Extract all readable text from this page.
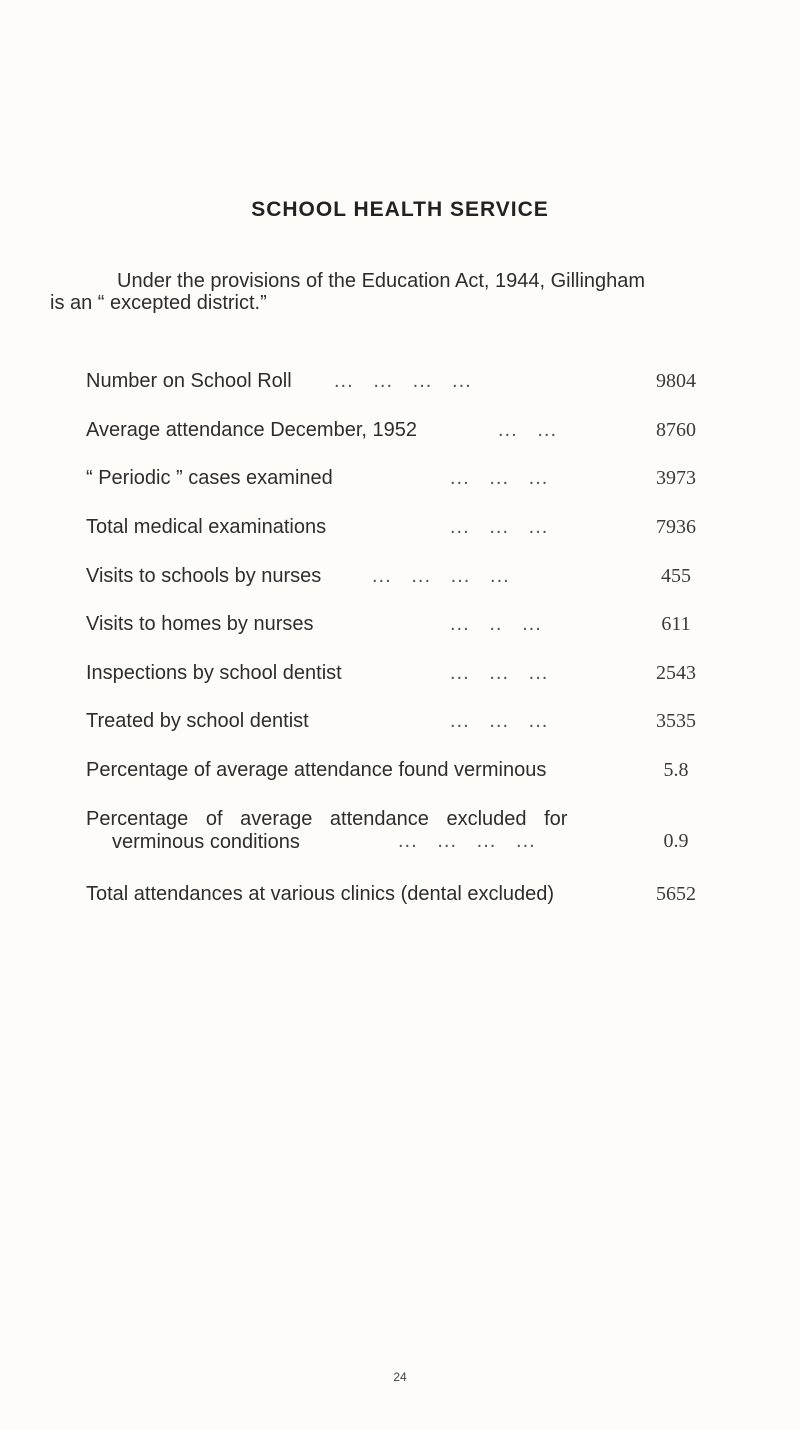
SCHOOL HEALTH SERVICE
Under the provisions of the Education Act, 1944, Gillingham
is an “ excepted district.”
Number on School Roll ...   ...   ...   ...	9804
Average attendance December, 1952	...   ...	8760
“ Periodic ” cases examined	...   ...   ...	3973
Total medical examinations	...   ...   ...	7936
Visits to schools by nurses	...   ...   ...   ...	455
Visits to homes by nurses	...   ..   ...	611
Inspections by school dentist	...   ...   ...	2543
Treated by school dentist	...   ...   ...	3535
Percentage of average attendance found verminous	5.8
Percentage of average attendance excluded for
verminous conditions	...   ...   ...   ...	0.9
Total attendances at various clinics (dental excluded)	5652
24
